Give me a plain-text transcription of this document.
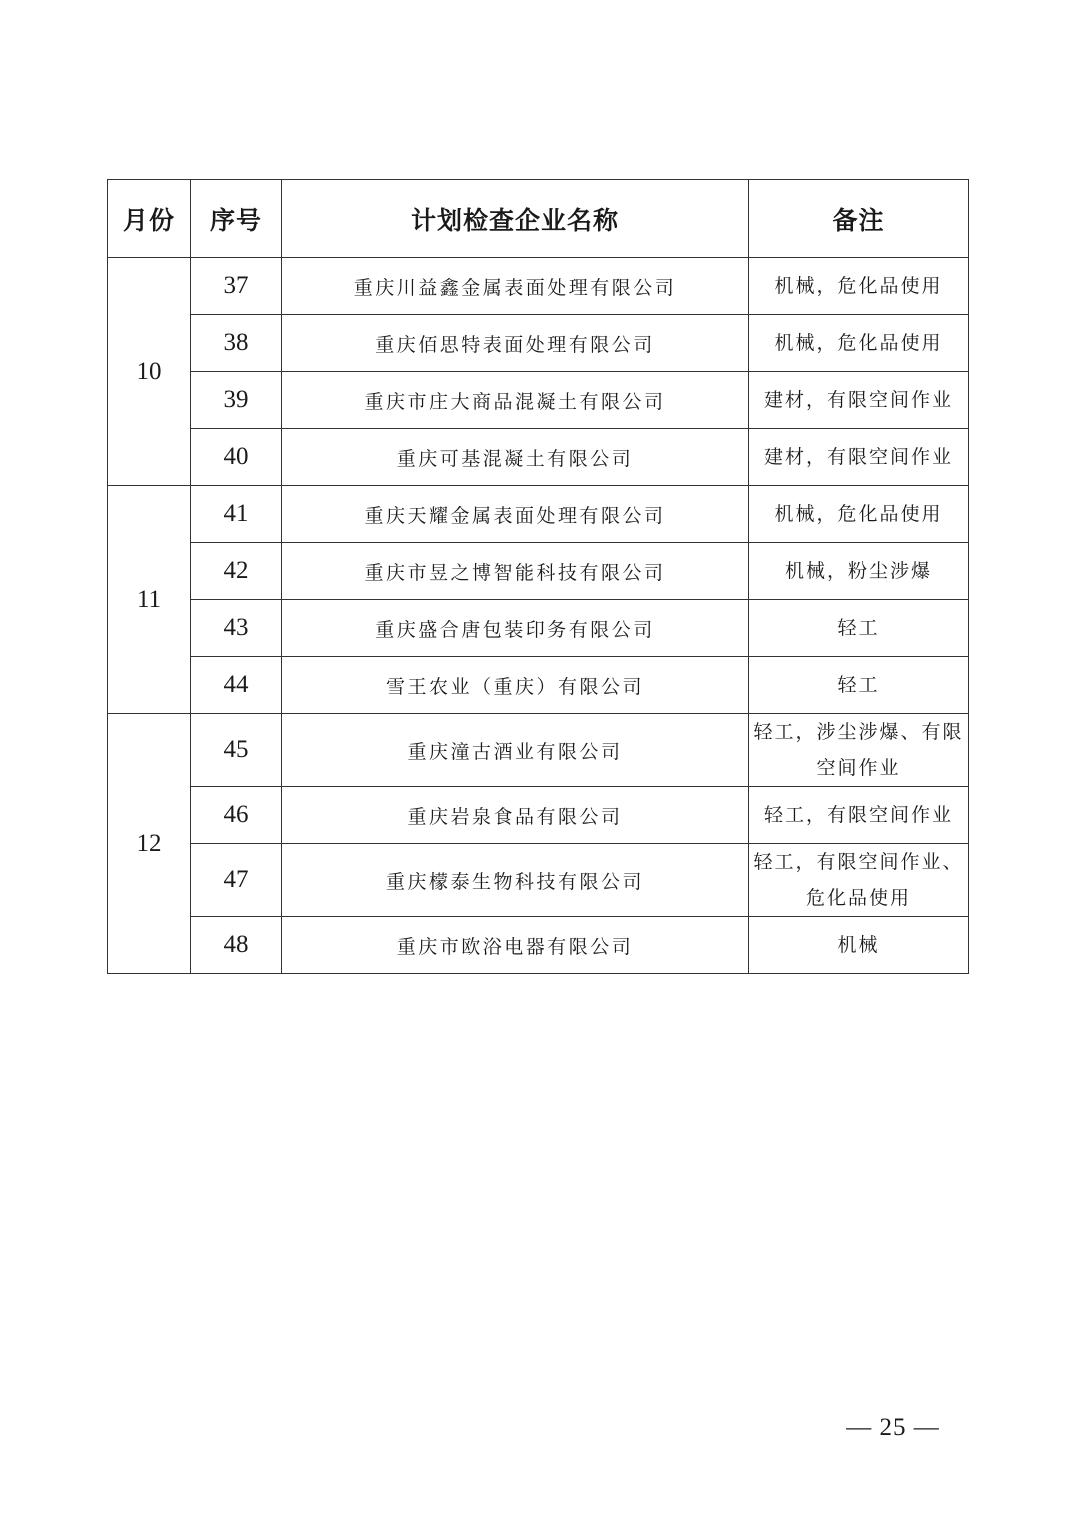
月份	序号	计划检查企业名称	备注
10	37	重庆川益鑫金属表面处理有限公司	机械，危化品使用
	38	重庆佰思特表面处理有限公司	机械，危化品使用
	39	重庆市庄大商品混凝土有限公司	建材，有限空间作业
	40	重庆可基混凝土有限公司	建材，有限空间作业
11	41	重庆天耀金属表面处理有限公司	机械，危化品使用
	42	重庆市昱之博智能科技有限公司	机械，粉尘涉爆
	43	重庆盛合唐包装印务有限公司	轻工
	44	雪王农业（重庆）有限公司	轻工
12	45	重庆潼古酒业有限公司	轻工，涉尘涉爆、有限空间作业
	46	重庆岩泉食品有限公司	轻工，有限空间作业
	47	重庆檬泰生物科技有限公司	轻工，有限空间作业、危化品使用
	48	重庆市欧浴电器有限公司	机械
— 25 —
